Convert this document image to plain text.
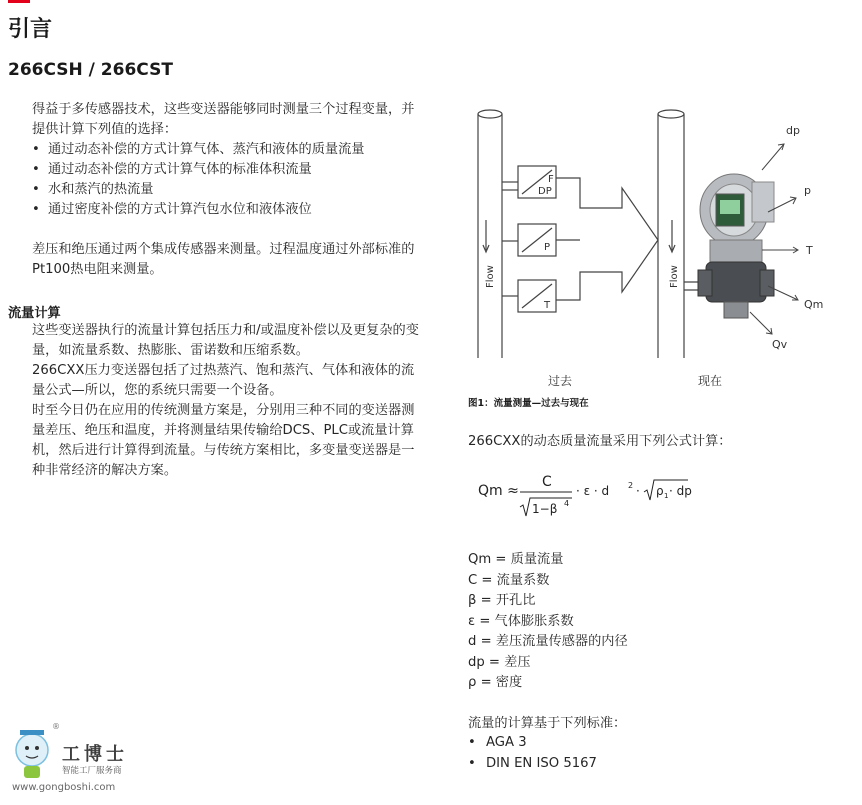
引言
266CSH / 266CST
得益于多传感器技术，这些变送器能够同时测量三个过程变量，并提供计算下列值的选择：
• 通过动态补偿的方式计算气体、蒸汽和液体的质量流量
• 通过动态补偿的方式计算气体的标准体积流量
• 水和蒸汽的热流量
• 通过密度补偿的方式计算汽包水位和液体液位
差压和绝压通过两个集成传感器来测量。过程温度通过外部标准的Pt100热电阻来测量。
流量计算
这些变送器执行的流量计算包括压力和/或温度补偿以及更复杂的变量，如流量系数、热膨胀、雷诺数和压缩系数。
266CXX压力变送器包括了过热蒸汽、饱和蒸汽、气体和液体的流量公式—所以，您的系统只需要一个设备。
时至今日仍在应用的传统测量方案是，分别用三种不同的变送器测量差压、绝压和温度，并将测量结果传输给DCS、PLC或流量计算机，然后进行计算得到流量。与传统方案相比，多变量变送器是一种非常经济的解决方案。
F
DP
P
T
Flow	Flow
dp
p
T
Qm
Qv
过去	现在
图1：流量测量—过去与现在
266CXX的动态质量流量采用下列公式计算：
Qm ≈
C
1−β 4
· ε · d 2 · ρ 1 · dp
Qm = 质量流量
C = 流量系数
β = 开孔比
ε = 气体膨胀系数
d = 差压流量传感器的内径
dp = 差压
ρ = 密度
流量的计算基于下列标准：
• AGA 3
• DIN EN ISO 5167
®
工博士
智能工厂服务商
www.gongboshi.com
